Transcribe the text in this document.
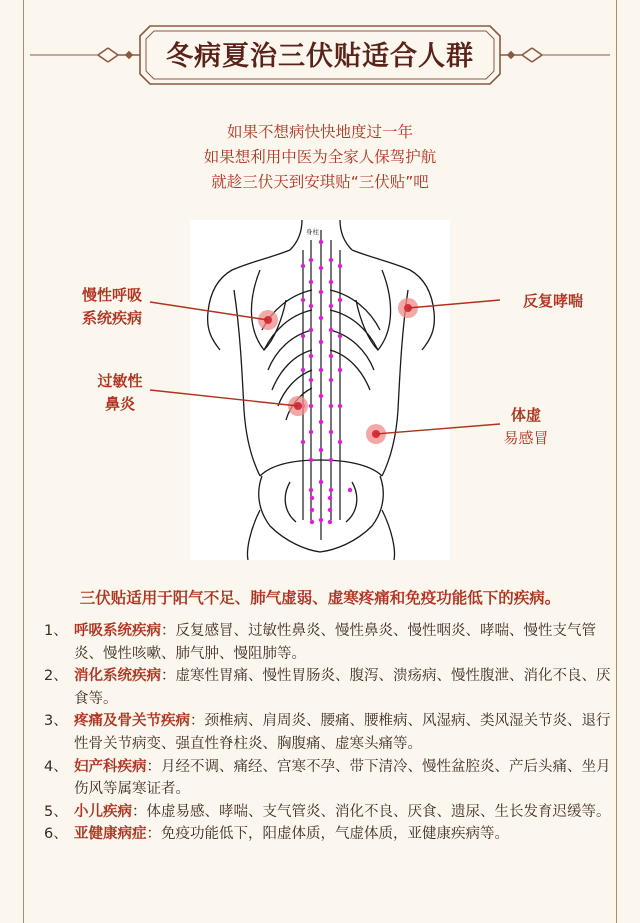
冬病夏治三伏贴适合人群
如果不想病快快地度过一年
如果想利用中医为全家人保驾护航
就趁三伏天到安琪贴“三伏贴”吧
身柱
慢性呼吸
系统疾病
过敏性
鼻炎
反复哮喘
体虚
易感冒
三伏贴适用于阳气不足、肺气虚弱、虚寒疼痛和免疫功能低下的疾病。
1、 呼吸系统疾病：反复感冒、过敏性鼻炎、慢性鼻炎、慢性咽炎、哮喘、慢性支气管炎、慢性咳嗽、肺气肿、慢阻肺等。
2、 消化系统疾病：虚寒性胃痛、慢性胃肠炎、腹泻、溃疡病、慢性腹泄、消化不良、厌食等。
3、 疼痛及骨关节疾病：颈椎病、肩周炎、腰痛、腰椎病、风湿病、类风湿关节炎、退行性骨关节病变、强直性脊柱炎、胸腹痛、虚寒头痛等。
4、 妇产科疾病：月经不调、痛经、宫寒不孕、带下清冷、慢性盆腔炎、产后头痛、坐月伤风等属寒证者。
5、 小儿疾病：体虚易感、哮喘、支气管炎、消化不良、厌食、遗尿、生长发育迟缓等。
6、 亚健康病症：免疫功能低下，阳虚体质，气虚体质，亚健康疾病等。
